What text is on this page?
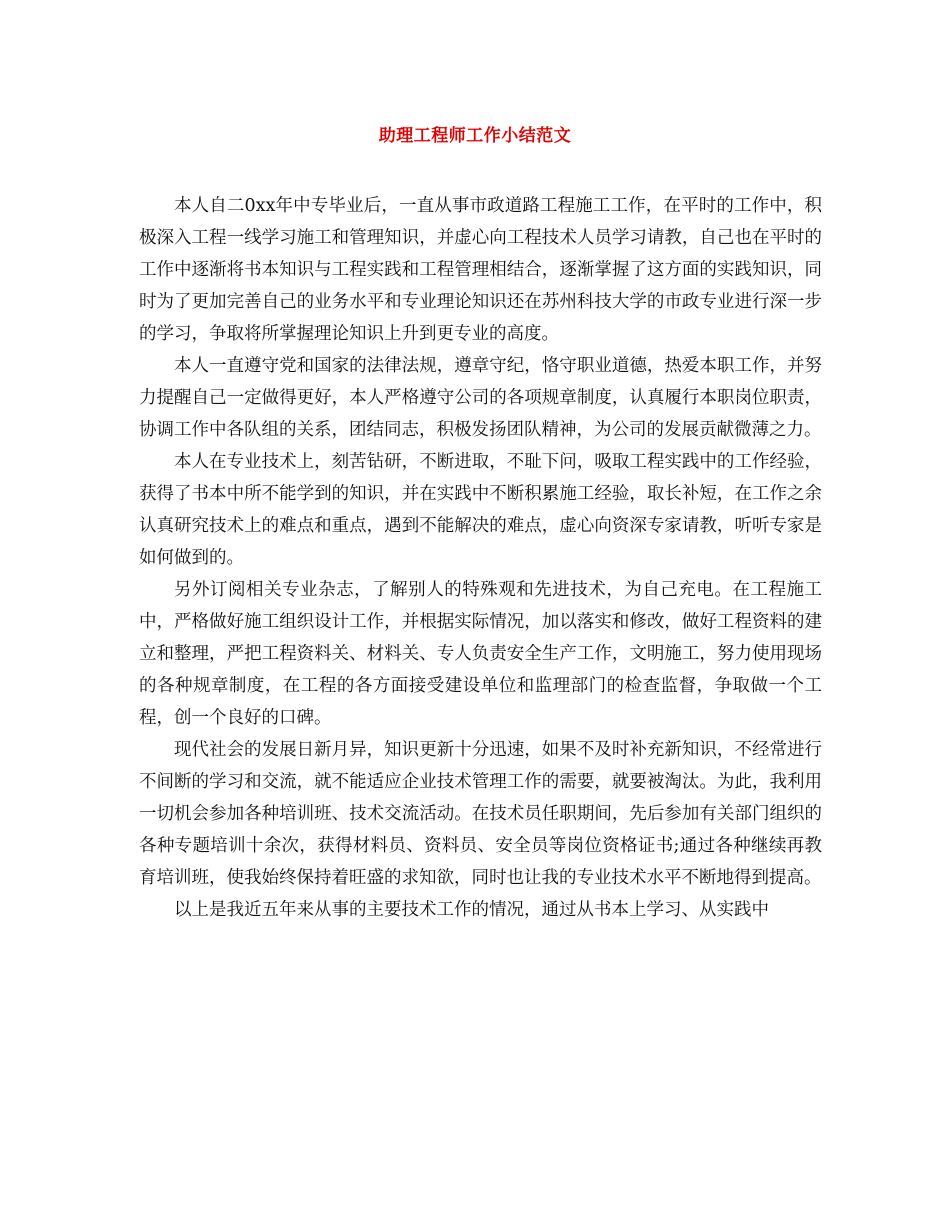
助理工程师工作小结范文

本人自二0xx年中专毕业后，一直从事市政道路工程施工工作，在平时的工作中，积极深入工程一线学习施工和管理知识，并虚心向工程技术人员学习请教，自己也在平时的工作中逐渐将书本知识与工程实践和工程管理相结合，逐渐掌握了这方面的实践知识，同时为了更加完善自己的业务水平和专业理论知识还在苏州科技大学的市政专业进行深一步的学习，争取将所掌握理论知识上升到更专业的高度。

本人一直遵守党和国家的法律法规，遵章守纪，恪守职业道德，热爱本职工作，并努力提醒自己一定做得更好，本人严格遵守公司的各项规章制度，认真履行本职岗位职责，协调工作中各队组的关系，团结同志，积极发扬团队精神，为公司的发展贡献微薄之力。

本人在专业技术上，刻苦钻研，不断进取，不耻下问，吸取工程实践中的工作经验，获得了书本中所不能学到的知识，并在实践中不断积累施工经验，取长补短，在工作之余认真研究技术上的难点和重点，遇到不能解决的难点，虚心向资深专家请教，听听专家是如何做到的。

另外订阅相关专业杂志，了解别人的特殊观和先进技术，为自己充电。在工程施工中，严格做好施工组织设计工作，并根据实际情况，加以落实和修改，做好工程资料的建立和整理，严把工程资料关、材料关、专人负责安全生产工作，文明施工，努力使用现场的各种规章制度，在工程的各方面接受建设单位和监理部门的检查监督，争取做一个工程，创一个良好的口碑。

现代社会的发展日新月异，知识更新十分迅速，如果不及时补充新知识，不经常进行不间断的学习和交流，就不能适应企业技术管理工作的需要，就要被淘汰。为此，我利用一切机会参加各种培训班、技术交流活动。在技术员任职期间，先后参加有关部门组织的各种专题培训十余次，获得材料员、资料员、安全员等岗位资格证书;通过各种继续再教育培训班，使我始终保持着旺盛的求知欲，同时也让我的专业技术水平不断地得到提高。

以上是我近五年来从事的主要技术工作的情况，通过从书本上学习、从实践中
